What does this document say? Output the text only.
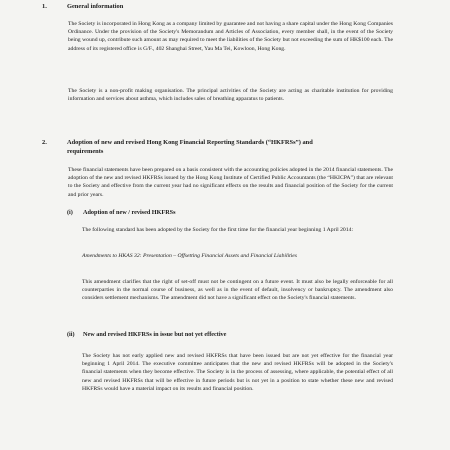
1.	General information

The Society is incorporated in Hong Kong as a company limited by guarantee and not having a share capital under the Hong Kong Companies Ordinance. Under the provision of the Society's Memorandum and Articles of Association, every member shall, in the event of the Society being wound up, contribute such amount as may required to meet the liabilities of the Society but not exceeding the sum of HK$100 each. The address of its registered office is G/F., 402 Shanghai Street, Yau Ma Tei, Kowloon, Hong Kong.

The Society is a non-profit making organisation. The principal activities of the Society are acting as charitable institution for providing information and services about asthma, which includes sales of breathing apparatus to patients.

2.	Adoption of new and revised Hong Kong Financial Reporting Standards (“HKFRSs”) and

requirements

These financial statements have been prepared on a basis consistent with the accounting policies adopted in the 2014 financial statements. The adoption of the new and revised HKFRSs issued by the Hong Kong Institute of Certified Public Accountants (the “HKICPA”) that are relevant to the Society and effective from the current year had no significant effects on the results and financial position of the Society for the current and prior years.

(i) Adoption of new / revised HKFRSs

The following standard has been adopted by the Society for the first time for the financial year beginning 1 April 2014:

Amendments to HKAS 32: Presentation – Offsetting Financial Assets and Financial Liabilities

This amendment clarifies that the right of set-off must not be contingent on a future event. It must also be legally enforceable for all counterparties in the normal course of business, as well as in the event of default, insolvency or bankruptcy. The amendment also considers settlement mechanisms. The amendment did not have a significant effect on the Society's financial statements.

(ii) New and revised HKFRSs in issue but not yet effective

The Society has not early applied new and revised HKFRSs that have been issued but are not yet effective for the financial year beginning 1 April 2014. The executive committee anticipates that the new and revised HKFRSs will be adopted in the Society's financial statements when they become effective. The Society is in the process of assessing, where applicable, the potential effect of all new and revised HKFRSs that will be effective in future periods but is not yet in a position to state whether these new and revised HKFRSs would have a material impact on its results and financial position.
